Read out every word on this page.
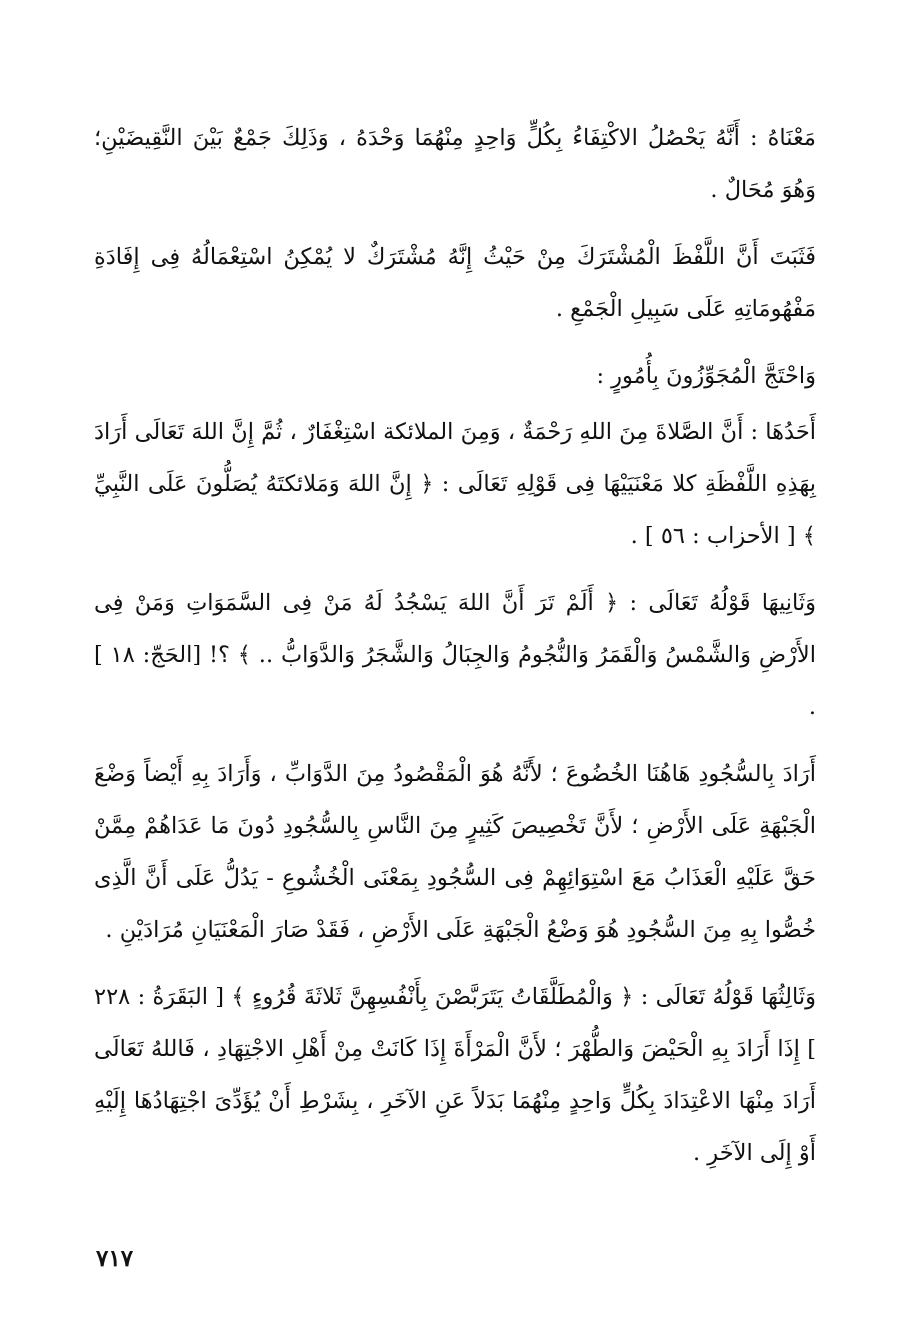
مَعْنَاهُ : أَنَّهُ يَحْصُلُ الاكْتِفَاءُ بِكُلٍّ وَاحِدٍ مِنْهُمَا وَحْدَهُ ، وَذَلِكَ جَمْعٌ بَيْنَ النَّقِيضَيْنِ؛ وَهُوَ مُحَالٌ .

فَثَبَتَ أَنَّ اللَّفْظَ الْمُشْتَرَكَ مِنْ حَيْثُ إِنَّهُ مُشْتَرَكٌ لا يُمْكِنُ اسْتِعْمَالُهُ فِى إِفَادَةِ مَفْهُومَاتِهِ عَلَى سَبِيلِ الْجَمْعِ .

وَاحْتَجَّ الْمُجَوِّزُونَ بِأُمُورٍ :

أَحَدُهَا : أَنَّ الصَّلاةَ مِنَ اللهِ رَحْمَةٌ ، وَمِنَ الملائكة اسْتِغْفَارٌ ، ثُمَّ إِنَّ اللهَ تَعَالَى أَرَادَ بِهَذِهِ اللَّفْظَةِ كلا مَعْنَيَيْهَا فِى قَوْلِهِ تَعَالَى : ﴿ إِنَّ اللهَ وَمَلائكتَهُ يُصَلُّونَ عَلَى النَّبِيِّ ﴾ [ الأحزاب : ٥٦ ] .

وَثَانِيهَا قَوْلُهُ تَعَالَى : ﴿ أَلَمْ تَرَ أَنَّ اللهَ يَسْجُدُ لَهُ مَنْ فِى السَّمَوَاتِ وَمَنْ فِى الأَرْضِ وَالشَّمْسُ وَالْقَمَرُ وَالنُّجُومُ وَالجِبَالُ وَالشَّجَرُ وَالدَّوَابُّ .. ﴾ ؟! [الحَجّ: ١٨ ] .

أَرَادَ بِالسُّجُودِ هَاهُنَا الخُضُوعَ ؛ لأَنَّهُ هُوَ الْمَقْصُودُ مِنَ الدَّوَابِّ ، وَأَرَادَ بِهِ أَيْضاً وَضْعَ الْجَبْهَةِ عَلَى الأَرْضِ ؛ لأَنَّ تَخْصِيصَ كَثِيرٍ مِنَ النَّاسِ بِالسُّجُودِ دُونَ مَا عَدَاهُمْ مِمَّنْ حَقَّ عَلَيْهِ الْعَذَابُ مَعَ اسْتِوَائِهِمْ فِى السُّجُودِ بِمَعْنَى الْخُشُوعِ - يَدُلُّ عَلَى أَنَّ الَّذِى خُصُّوا بِهِ مِنَ السُّجُودِ هُوَ وَضْعُ الْجَبْهَةِ عَلَى الأَرْضِ ، فَقَدْ صَارَ الْمَعْنَيَانِ مُرَادَيْنِ .

وَثَالِثُهَا قَوْلُهُ تَعَالَى : ﴿ وَالْمُطَلَّقَاتُ يَتَرَبَّصْنَ بِأَنْفُسِهِنَّ ثَلاثَةَ قُرُوءٍ ﴾ [ البَقَرَةُ : ٢٢٨ ] إِذَا أَرَادَ بِهِ الْحَيْضَ وَالطُّهْرَ ؛ لأَنَّ الْمَرْأَةَ إِذَا كَانَتْ مِنْ أَهْلِ الاجْتِهَادِ ، فَاللهُ تَعَالَى أَرَادَ مِنْهَا الاعْتِدَادَ بِكُلٍّ وَاحِدٍ مِنْهُمَا بَدَلاً عَنِ الآخَرِ ، بِشَرْطِ أَنْ يُؤَدِّىَ اجْتِهَادُهَا إِلَيْهِ أَوْ إِلَى الآخَرِ .

٧١٧
